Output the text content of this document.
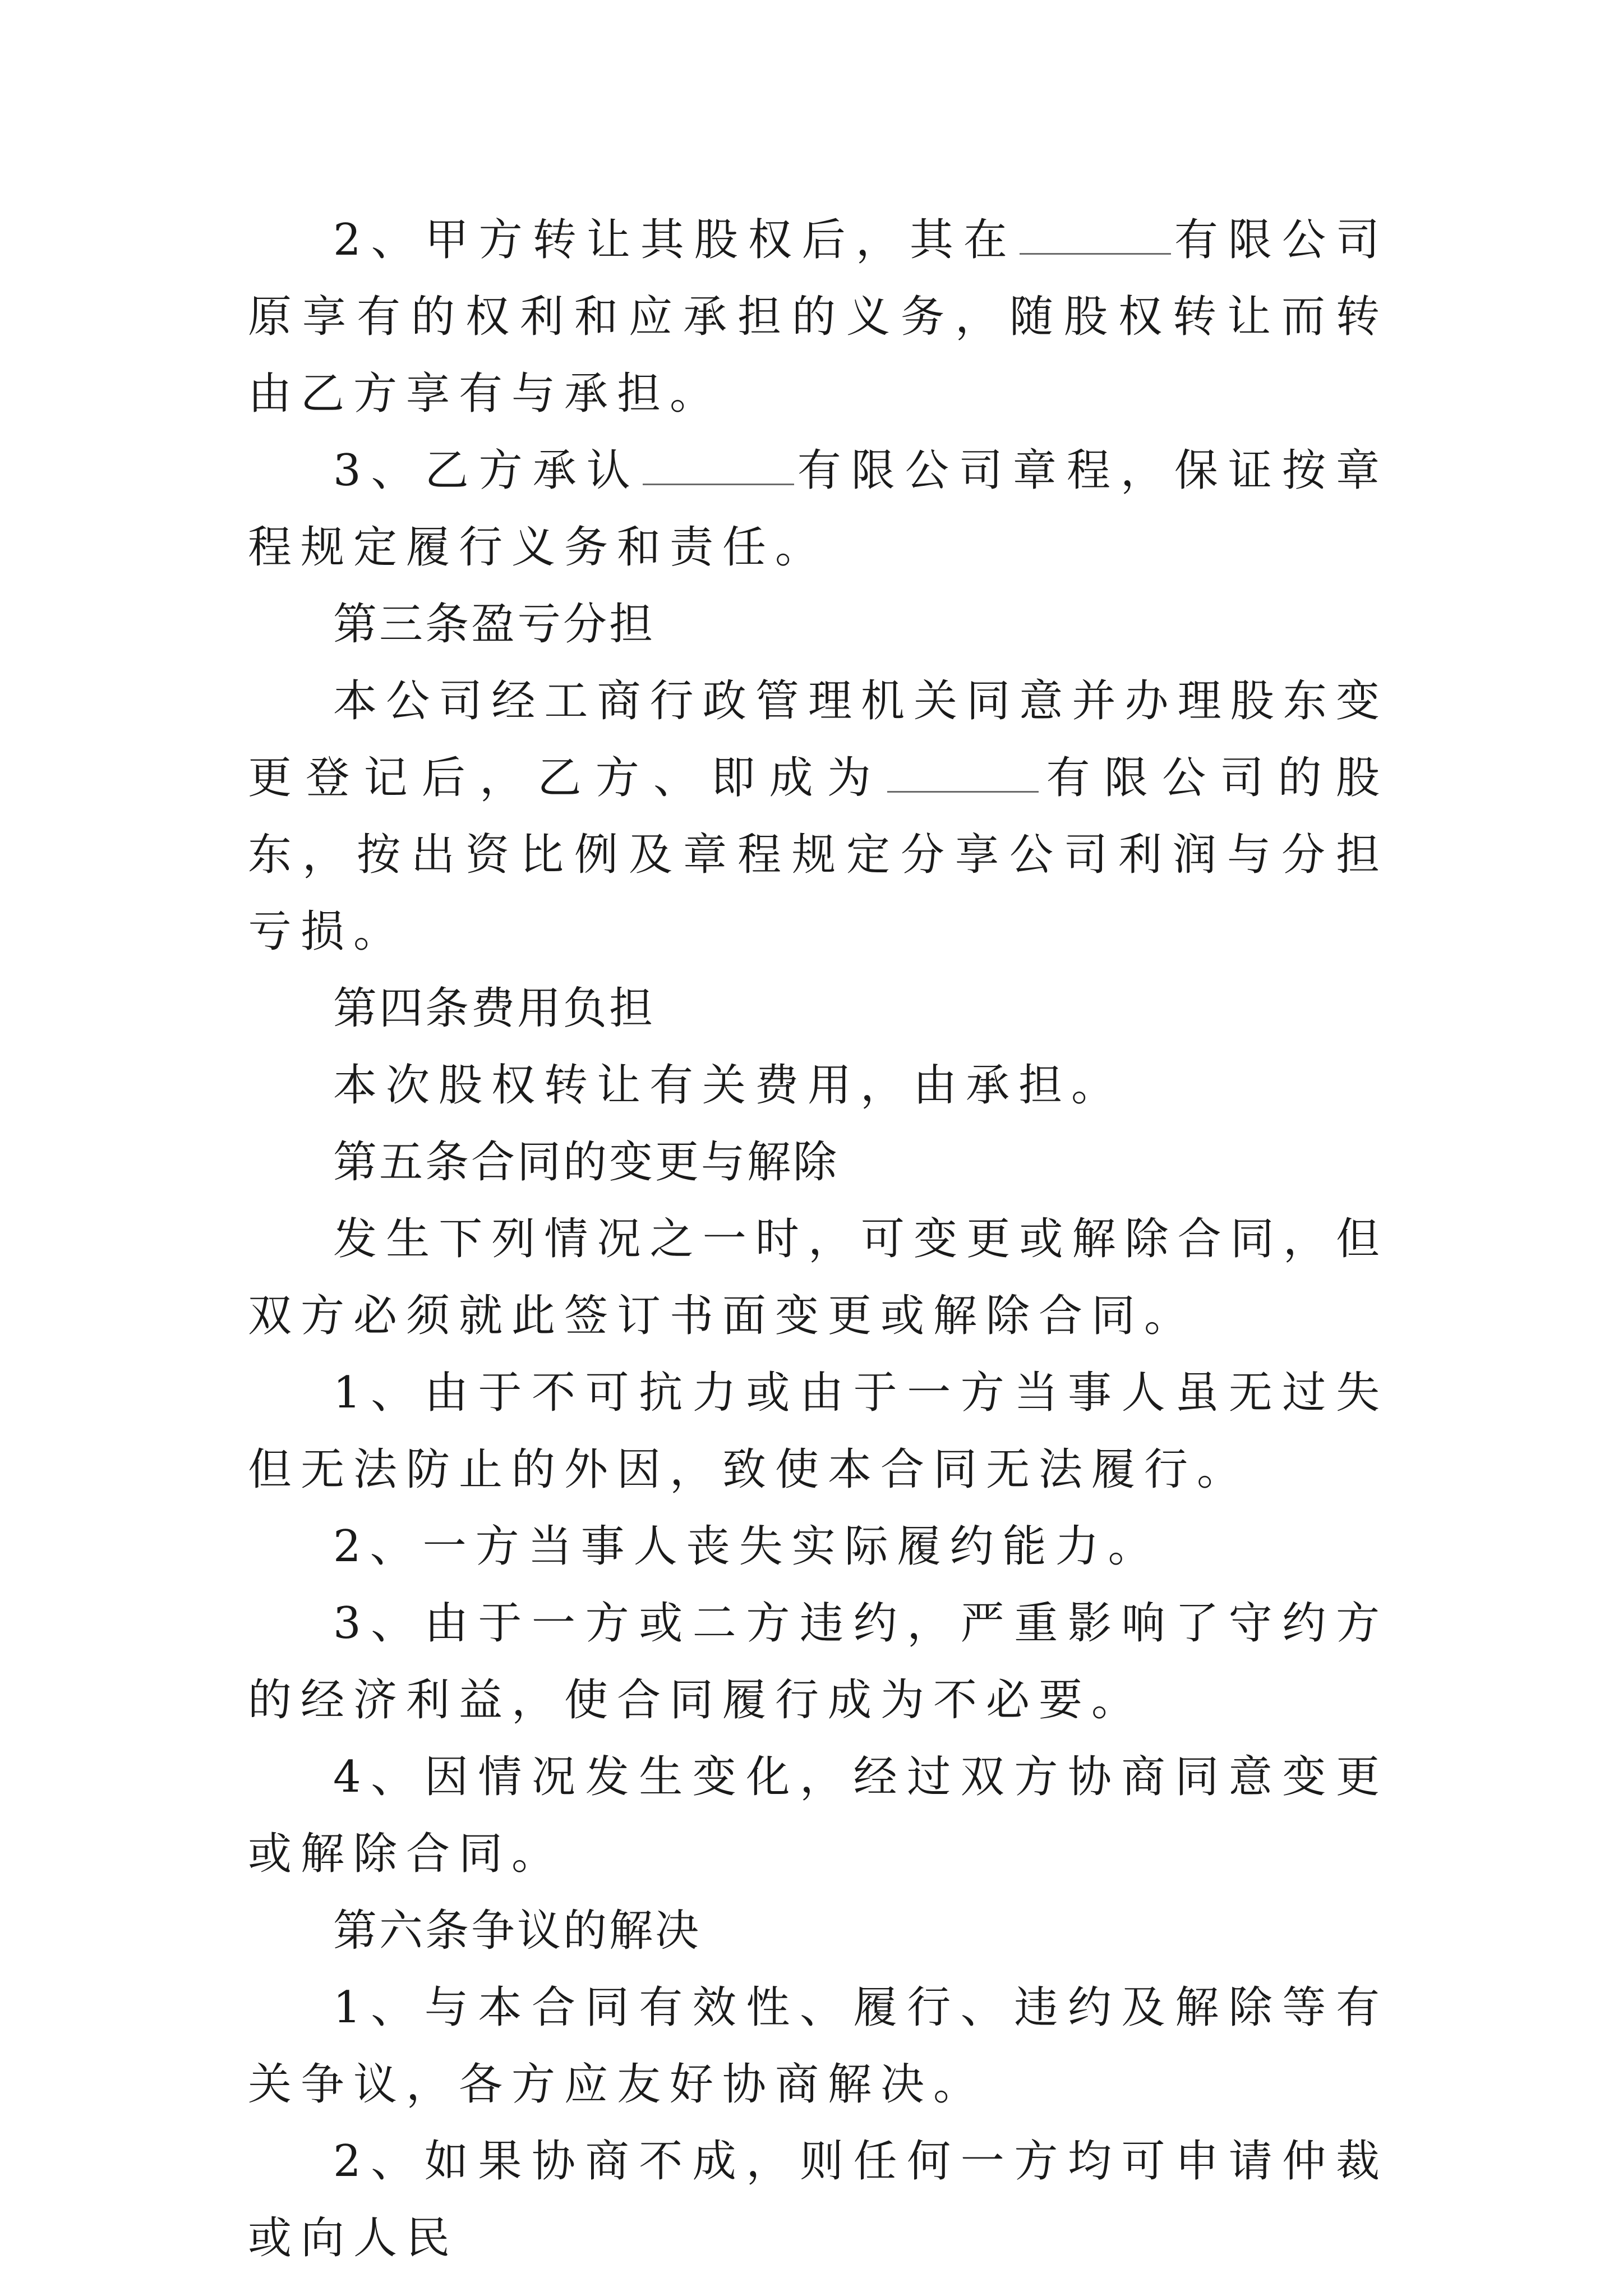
2、甲方转让其股权后，其在	有限公司原享有的权利和应承担的义务，随股权转让而转由乙方享有与承担。

3、乙方承认	有限公司章程，保证按章程规定履行义务和责任。

第三条盈亏分担

本公司经工商行政管理机关同意并办理股东变更登记后，乙方、即成为	有限公司的股东，按出资比例及章程规定分享公司利润与分担亏损。

第四条费用负担

本次股权转让有关费用，由承担。

第五条合同的变更与解除

发生下列情况之一时，可变更或解除合同，但双方必须就此签订书面变更或解除合同。

1、由于不可抗力或由于一方当事人虽无过失但无法防止的外因，致使本合同无法履行。

2、一方当事人丧失实际履约能力。

3、由于一方或二方违约，严重影响了守约方的经济利益，使合同履行成为不必要。

4、因情况发生变化，经过双方协商同意变更或解除合同。

第六条争议的解决

1、与本合同有效性、履行、违约及解除等有关争议，各方应友好协商解决。

2、如果协商不成，则任何一方均可申请仲裁或向人民
